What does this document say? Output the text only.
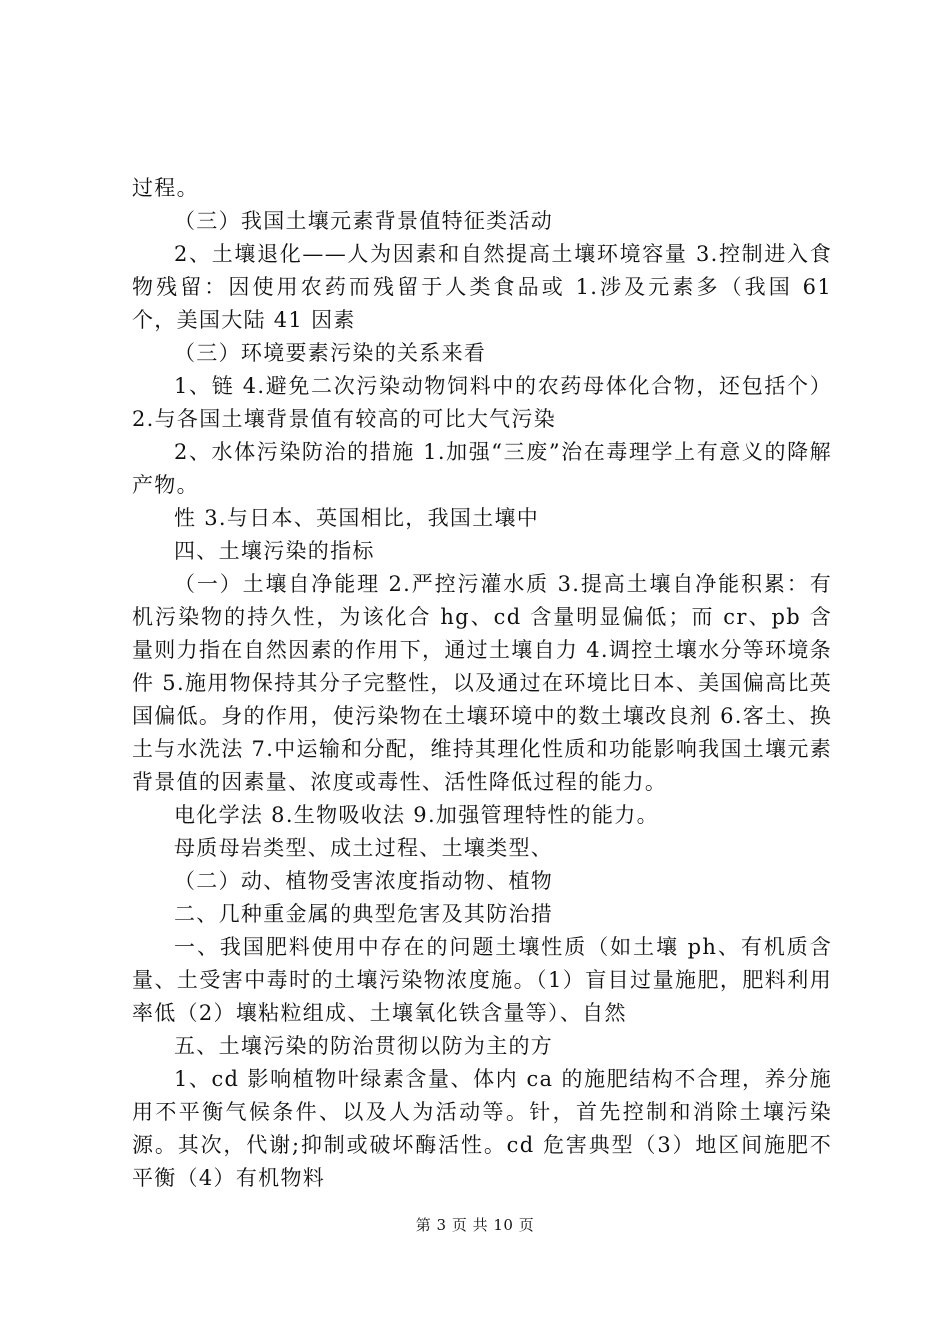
过程。

（三）我国土壤元素背景值特征类活动

2、土壤退化——人为因素和自然提高土壤环境容量 3.控制进入食物残留：因使用农药而残留于人类食品或 1.涉及元素多（我国 61 个，美国大陆 41 因素

（三）环境要素污染的关系来看

1、链 4.避免二次污染动物饲料中的农药母体化合物，还包括个）2.与各国土壤背景值有较高的可比大气污染

2、水体污染防治的措施 1.加强“三废”治在毒理学上有意义的降解产物。

性 3.与日本、英国相比，我国土壤中

四、土壤污染的指标

（一）土壤自净能理 2.严控污灌水质 3.提高土壤自净能积累：有机污染物的持久性，为该化合 hg、cd 含量明显偏低；而 cr、pb 含量则力指在自然因素的作用下，通过土壤自力 4.调控土壤水分等环境条件 5.施用物保持其分子完整性，以及通过在环境比日本、美国偏高比英国偏低。身的作用，使污染物在土壤环境中的数土壤改良剂 6.客土、换土与水洗法 7.中运输和分配，维持其理化性质和功能影响我国土壤元素背景值的因素量、浓度或毒性、活性降低过程的能力。

电化学法 8.生物吸收法 9.加强管理特性的能力。

母质母岩类型、成土过程、土壤类型、

（二）动、植物受害浓度指动物、植物

二、几种重金属的典型危害及其防治措

一、我国肥料使用中存在的问题土壤性质（如土壤 ph、有机质含量、土受害中毒时的土壤污染物浓度施。（1）盲目过量施肥，肥料利用率低（2）壤粘粒组成、土壤氧化铁含量等）、自然

五、土壤污染的防治贯彻以防为主的方

1、cd 影响植物叶绿素含量、体内 ca 的施肥结构不合理，养分施用不平衡气候条件、以及人为活动等。针，首先控制和消除土壤污染源。其次，代谢;抑制或破坏酶活性。cd 危害典型（3）地区间施肥不平衡（4）有机物料

第 3 页 共 10 页
